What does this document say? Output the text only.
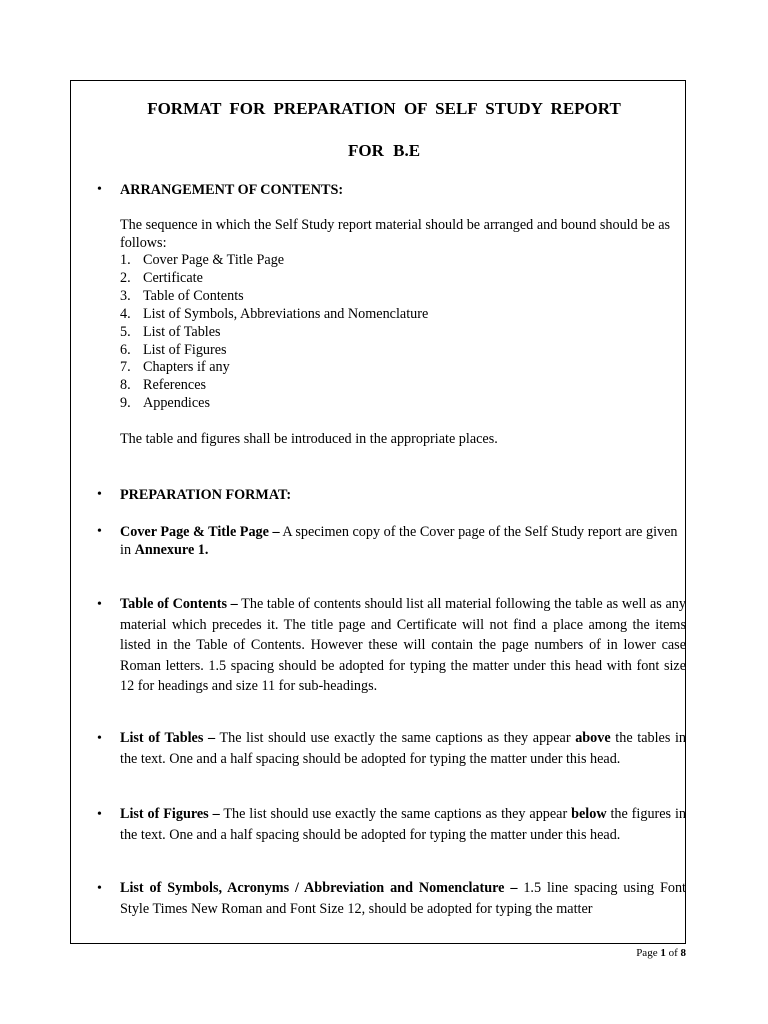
FORMAT FOR PREPARATION OF SELF STUDY REPORT
FOR B.E
• ARRANGEMENT OF CONTENTS:
The sequence in which the Self Study report material should be arranged and bound should be as follows:
1. Cover Page & Title Page
2. Certificate
3. Table of Contents
4. List of Symbols, Abbreviations and Nomenclature
5. List of Tables
6. List of Figures
7. Chapters if any
8. References
9. Appendices
The table and figures shall be introduced in the appropriate places.
• PREPARATION FORMAT:
• Cover Page & Title Page – A specimen copy of the Cover page of the Self Study report are given in Annexure 1.
• Table of Contents – The table of contents should list all material following the table as well as any material which precedes it. The title page and Certificate will not find a place among the items listed in the Table of Contents. However these will contain the page numbers of in lower case Roman letters. 1.5 spacing should be adopted for typing the matter under this head with font size 12 for headings and size 11 for sub-headings.
• List of Tables – The list should use exactly the same captions as they appear above the tables in the text. One and a half spacing should be adopted for typing the matter under this head.
• List of Figures – The list should use exactly the same captions as they appear below the figures in the text. One and a half spacing should be adopted for typing the matter under this head.
• List of Symbols, Acronyms / Abbreviation and Nomenclature – 1.5 line spacing using Font Style Times New Roman and Font Size 12, should be adopted for typing the matter
Page 1 of 8
